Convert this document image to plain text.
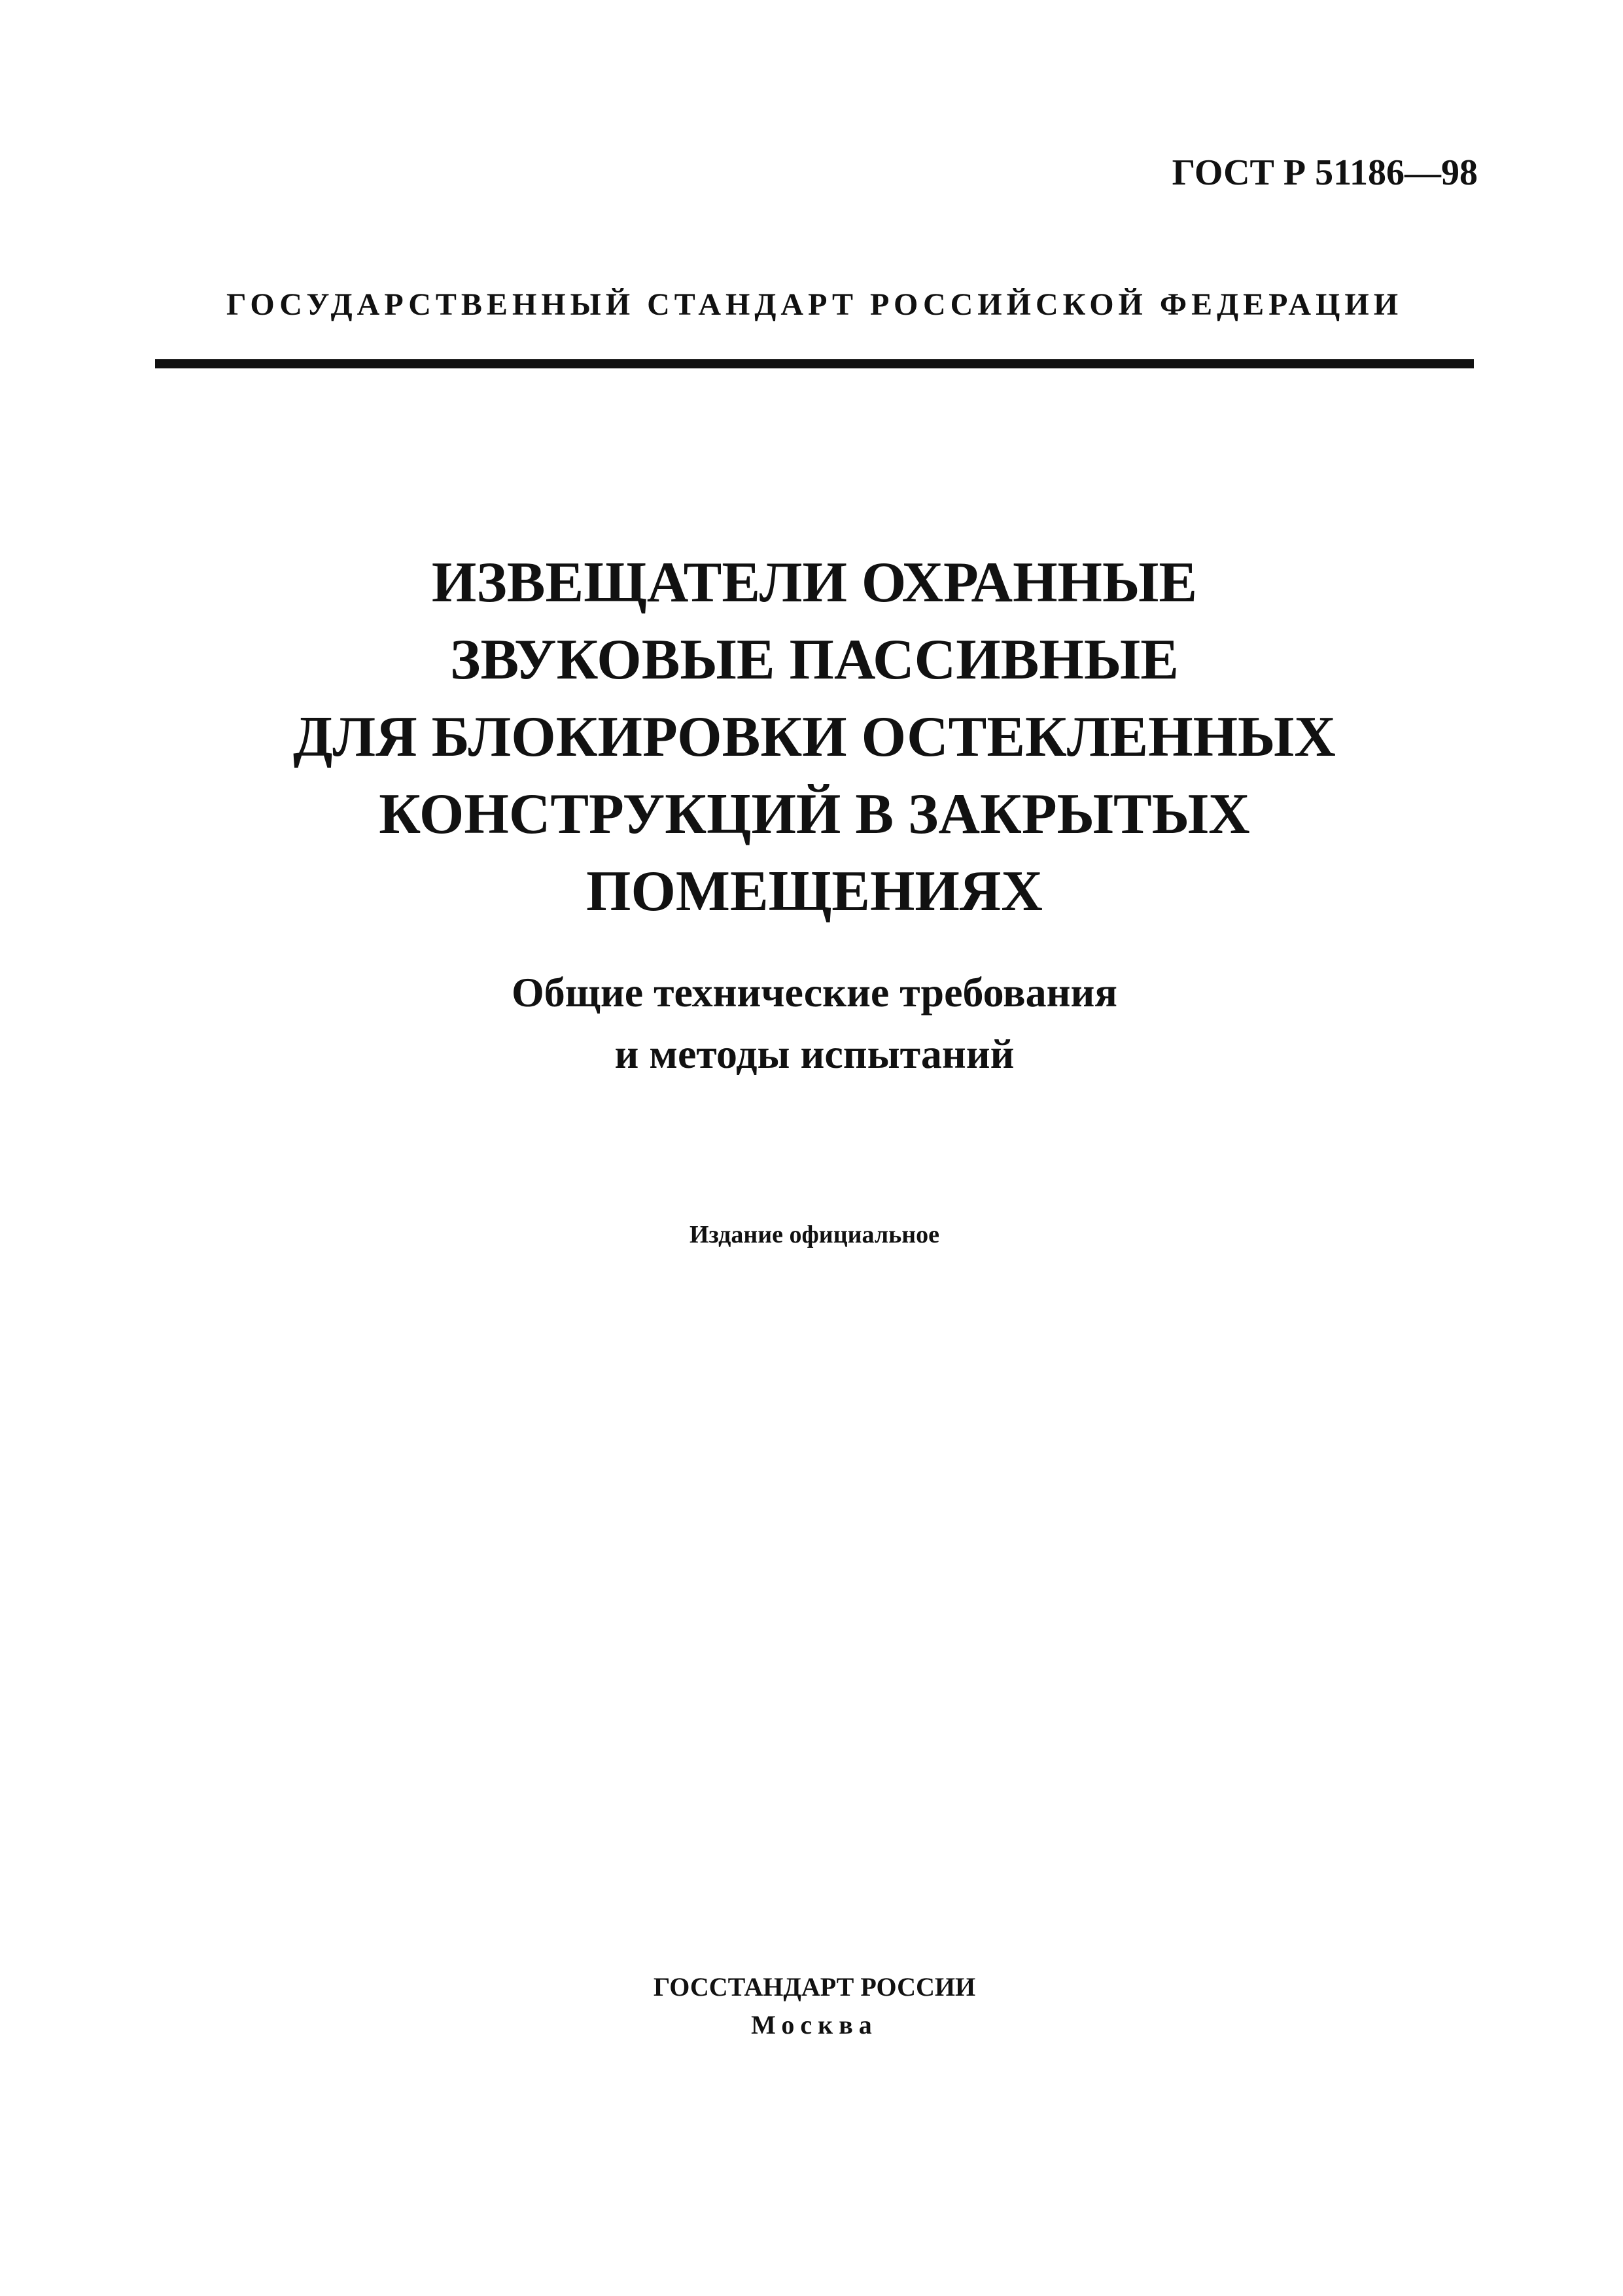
ГОСТ Р 51186—98
ГОСУДАРСТВЕННЫЙ СТАНДАРТ РОССИЙСКОЙ ФЕДЕРАЦИИ
ИЗВЕЩАТЕЛИ ОХРАННЫЕ
ЗВУКОВЫЕ ПАССИВНЫЕ
ДЛЯ БЛОКИРОВКИ ОСТЕКЛЕННЫХ
КОНСТРУКЦИЙ В ЗАКРЫТЫХ
ПОМЕЩЕНИЯХ
Общие технические требования
и методы испытаний
Издание официальное
ГОССТАНДАРТ РОССИИ
Москва
